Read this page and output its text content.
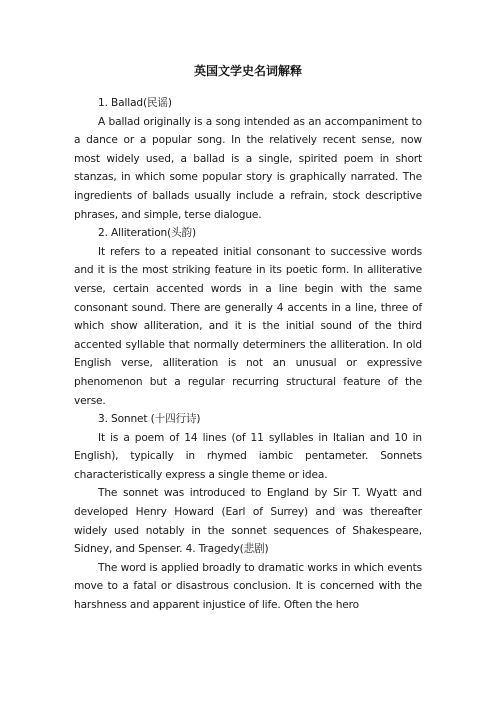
英国文学史名词解释

1. Ballad(民谣)

A ballad originally is a song intended as an accompaniment to a dance or a popular song. In the relatively recent sense, now most widely used, a ballad is a single, spirited poem in short stanzas, in which some popular story is graphically narrated. The ingredients of ballads usually include a refrain, stock descriptive phrases, and simple, terse dialogue.

2. Alliteration(头韵)

It refers to a repeated initial consonant to successive words and it is the most striking feature in its poetic form. In alliterative verse, certain accented words in a line begin with the same consonant sound. There are generally 4 accents in a line, three of which show alliteration, and it is the initial sound of the third accented syllable that normally determiners the alliteration. In old English verse, alliteration is not an unusual or expressive phenomenon but a regular recurring structural feature of the verse.

3. Sonnet (十四行诗)

It is a poem of 14 lines (of 11 syllables in Italian and 10 in English), typically in rhymed iambic pentameter. Sonnets characteristically express a single theme or idea.

The sonnet was introduced to England by Sir T. Wyatt and developed Henry Howard (Earl of Surrey) and was thereafter widely used notably in the sonnet sequences of Shakespeare, Sidney, and Spenser. 4. Tragedy(悲剧)

The word is applied broadly to dramatic works in which events move to a fatal or disastrous conclusion. It is concerned with the harshness and apparent injustice of life. Often the hero
